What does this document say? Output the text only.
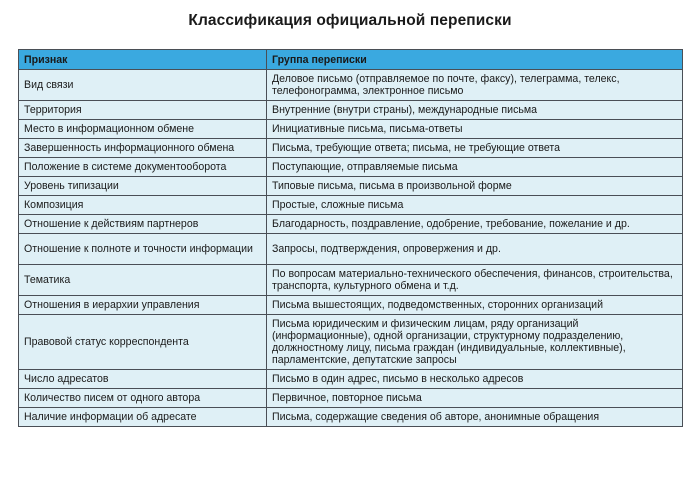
Классификация официальной переписки
Признак	Группа переписки
Вид связи	Деловое письмо (отправляемое по почте, факсу), телеграмма, телекс, телефонограмма, электронное письмо
Территория	Внутренние (внутри страны), международные письма
Место в информационном обмене	Инициативные письма, письма-ответы
Завершенность информационного обмена	Письма, требующие ответа; письма, не требующие ответа
Положение в системе документооборота	Поступающие, отправляемые письма
Уровень типизации	Типовые письма, письма в произвольной форме
Композиция	Простые, сложные письма
Отношение к действиям партнеров	Благодарность, поздравление, одобрение, требование, пожелание и др.
Отношение к полноте и точности информации	Запросы, подтверждения, опровержения и др.
Тематика	По вопросам материально-технического обеспечения, финансов, строительства, транспорта, культурного обмена и т.д.
Отношения в иерархии управления	Письма вышестоящих, подведомственных, сторонних организаций
Правовой статус корреспондента	Письма юридическим и физическим лицам, ряду организаций (информационные), одной организации, структурному подразделению, должностному лицу, письма граждан (индивидуальные, коллективные), парламентские, депутатские запросы
Число адресатов	Письмо в один адрес, письмо в несколько адресов
Количество писем от одного автора	Первичное, повторное письма
Наличие информации об адресате	Письма, содержащие сведения об авторе, анонимные обращения
